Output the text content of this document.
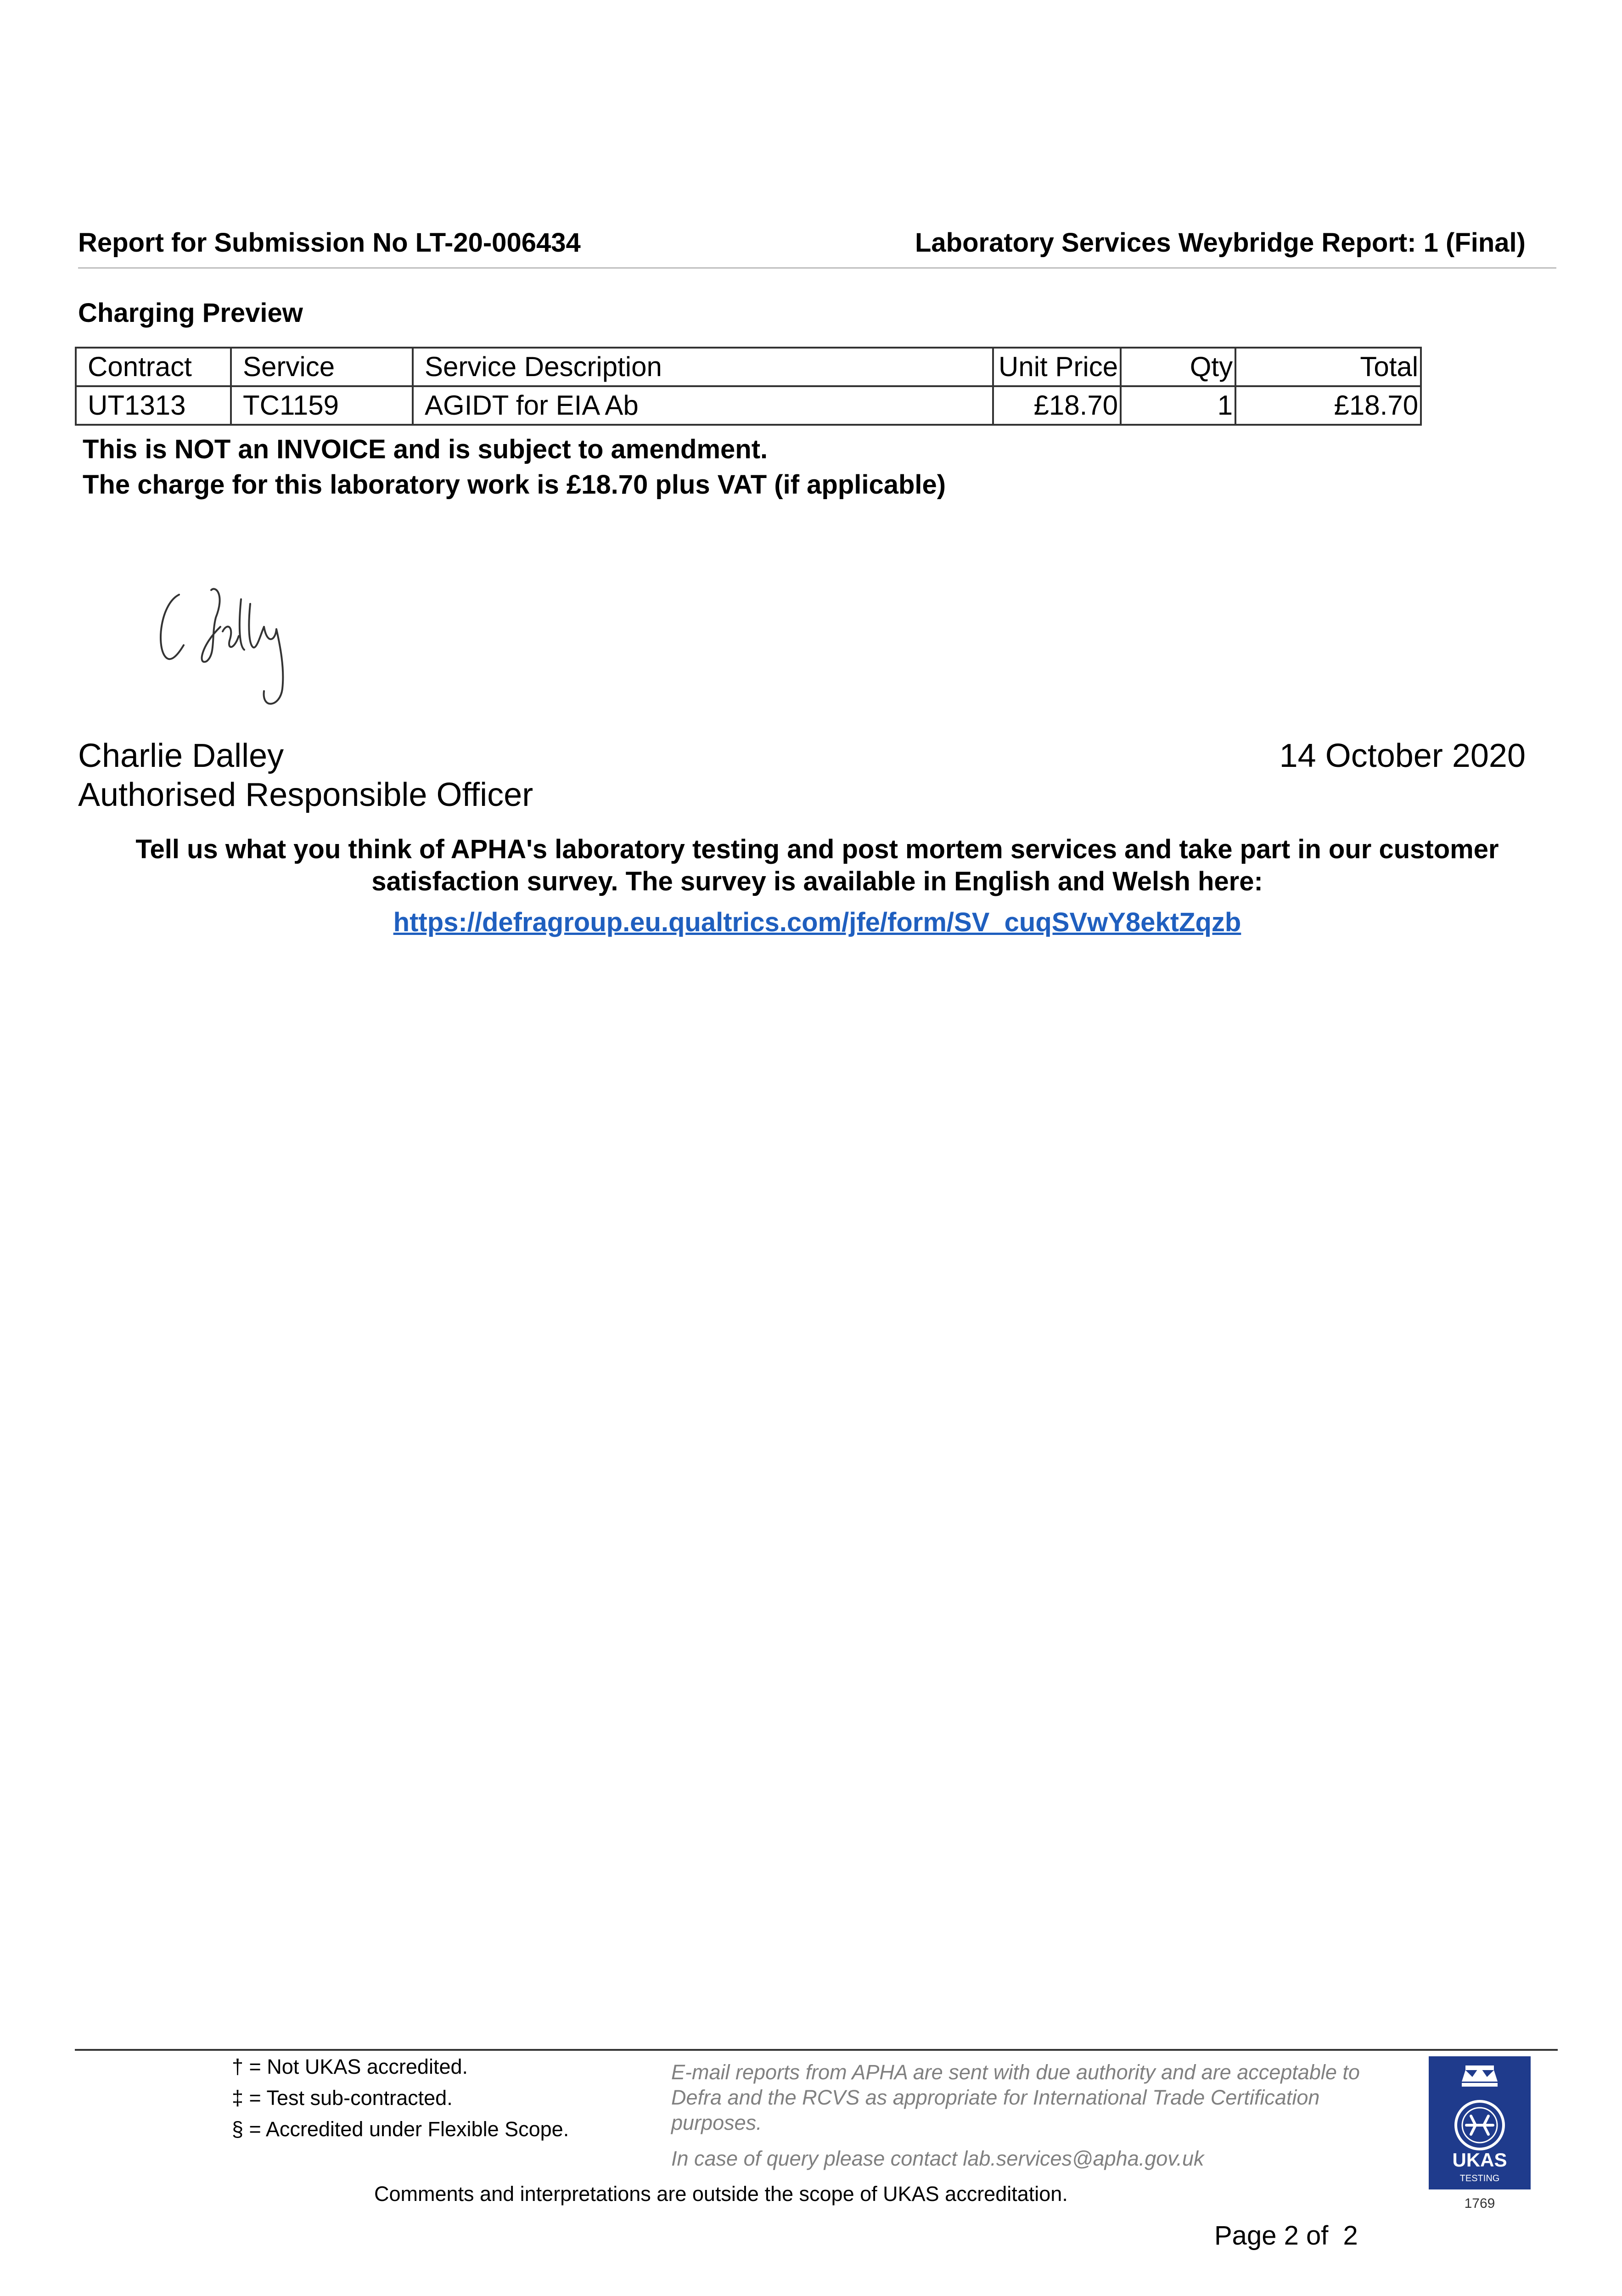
Report for Submission No LT-20-006434	Laboratory Services Weybridge Report: 1 (Final)
Charging Preview
Contract	Service	Service Description	Unit Price	Qty	Total
UT1313	TC1159	AGIDT for EIA Ab	£18.70	1	£18.70
This is NOT an INVOICE and is subject to amendment.
The charge for this laboratory work is £18.70 plus VAT (if applicable)
Charlie Dalley
Authorised Responsible Officer
14 October 2020
Tell us what you think of APHA's laboratory testing and post mortem services and take part in our customer satisfaction survey. The survey is available in English and Welsh here:
https://defragroup.eu.qualtrics.com/jfe/form/SV_cuqSVwY8ektZqzb
† = Not UKAS accredited.
‡ = Test sub-contracted.
§ = Accredited under Flexible Scope.
E-mail reports from APHA are sent with due authority and are acceptable to Defra and the RCVS as appropriate for International Trade Certification purposes.
In case of query please contact lab.services@apha.gov.uk
Comments and interpretations are outside the scope of UKAS accreditation.
Page 2 of  2
UKAS
TESTING
1769
